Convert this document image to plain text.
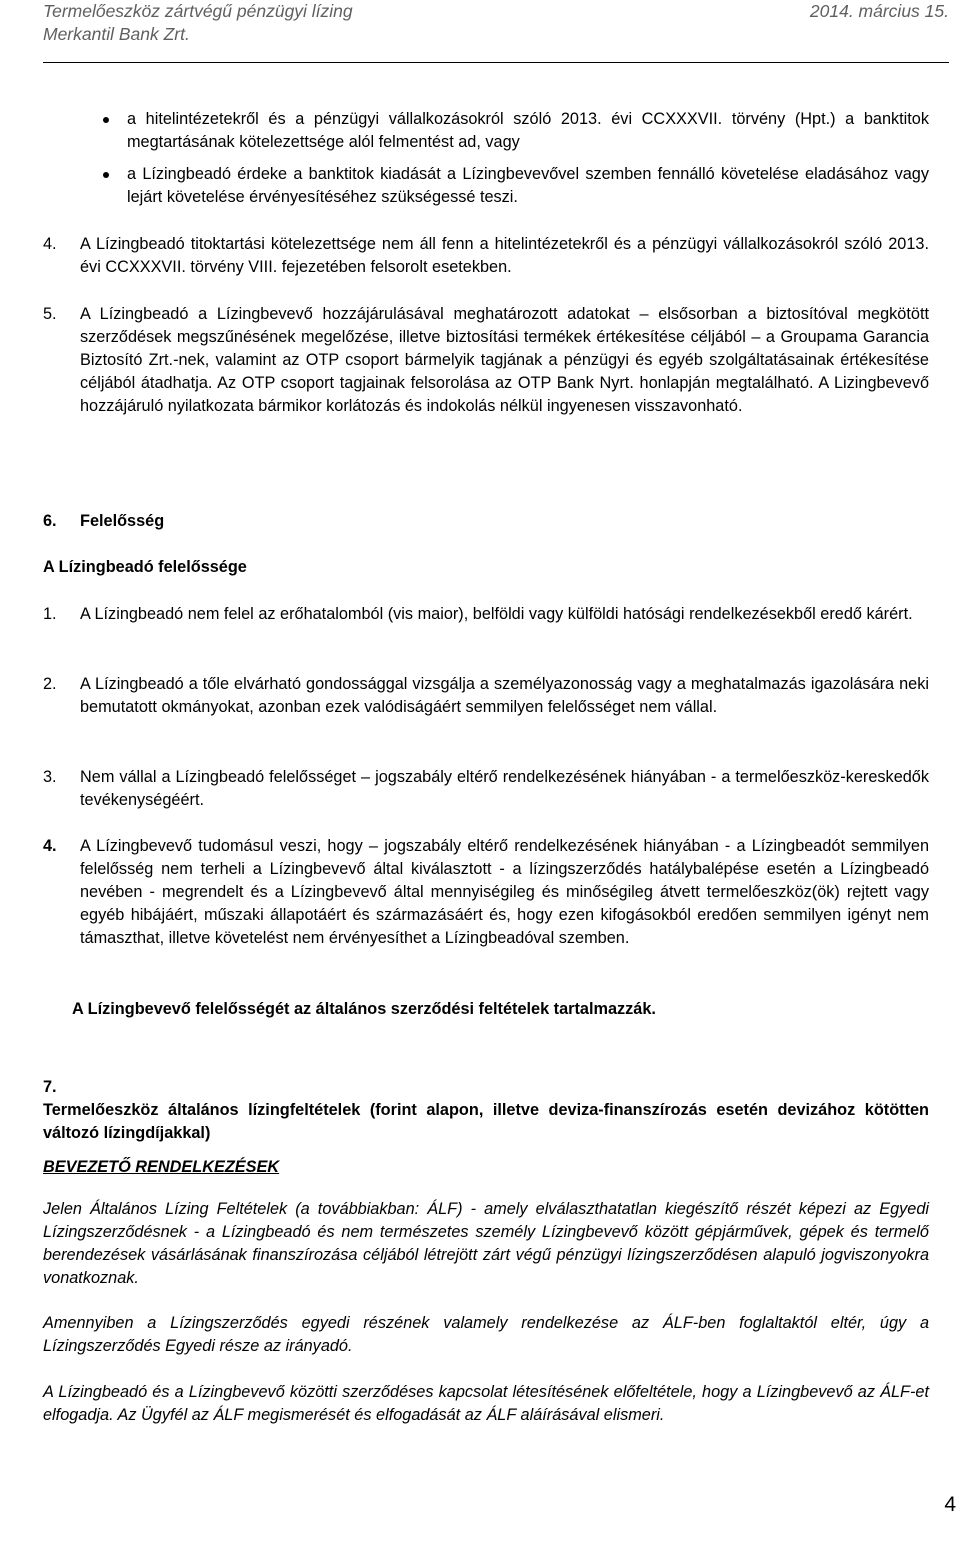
Termelőeszköz zártvégű pénzügyi lízing	2014. március 15.
Merkantil Bank Zrt.
a hitelintézetekről és a pénzügyi vállalkozásokról szóló 2013. évi CCXXXVII. törvény (Hpt.) a banktitok megtartásának kötelezettsége alól felmentést ad, vagy
a Lízingbeadó érdeke a banktitok kiadását a Lízingbevevővel szemben fennálló követelése eladásához vagy lejárt követelése érvényesítéséhez szükségessé teszi.
4. A Lízingbeadó titoktartási kötelezettsége nem áll fenn a hitelintézetekről és a pénzügyi vállalkozásokról szóló 2013. évi CCXXXVII. törvény VIII. fejezetében felsorolt esetekben.
5. A Lízingbeadó a Lízingbevevő hozzájárulásával meghatározott adatokat – elsősorban a biztosítóval megkötött szerződések megszűnésének megelőzése, illetve biztosítási termékek értékesítése céljából – a Groupama Garancia Biztosító Zrt.-nek, valamint az OTP csoport bármelyik tagjának a pénzügyi és egyéb szolgáltatásainak értékesítése céljából átadhatja. Az OTP csoport tagjainak felsorolása az OTP Bank Nyrt. honlapján megtalálható. A Lizingbevevő hozzájáruló nyilatkozata bármikor korlátozás és indokolás nélkül ingyenesen visszavonható.
6. Felelősség
A Lízingbeadó felelőssége
1. A Lízingbeadó nem felel az erőhatalomból (vis maior), belföldi vagy külföldi hatósági rendelkezésekből eredő kárért.
2. A Lízingbeadó a tőle elvárható gondossággal vizsgálja a személyazonosság vagy a meghatalmazás igazolására neki bemutatott okmányokat, azonban ezek valódiságáért semmilyen felelősséget nem vállal.
3. Nem vállal a Lízingbeadó felelősséget – jogszabály eltérő rendelkezésének hiányában - a termelőeszköz-kereskedők tevékenységéért.
4. A Lízingbevevő tudomásul veszi, hogy – jogszabály eltérő rendelkezésének hiányában - a Lízingbeadót semmilyen felelősség nem terheli a Lízingbevevő által kiválasztott - a lízingszerződés hatálybalépése esetén a Lízingbeadó nevében - megrendelt és a Lízingbevevő által mennyiségileg és minőségileg átvett termelőeszköz(ök) rejtett vagy egyéb hibájáért, műszaki állapotáért és származásáért és, hogy ezen kifogásokból eredően semmilyen igényt nem támaszthat, illetve követelést nem érvényesíthet a Lízingbeadóval szemben.
A Lízingbevevő felelősségét az általános szerződési feltételek tartalmazzák.
7.
Termelőeszköz általános lízingfeltételek (forint alapon, illetve deviza-finanszírozás esetén devizához kötötten változó lízingdíjakkal)
BEVEZETŐ RENDELKEZÉSEK
Jelen Általános Lízing Feltételek (a továbbiakban: ÁLF) - amely elválaszthatatlan kiegészítő részét képezi az Egyedi Lízingszerződésnek - a Lízingbeadó és nem természetes személy Lízingbevevő között gépjárművek, gépek és termelő berendezések vásárlásának finanszírozása céljából létrejött zárt végű pénzügyi lízingszerződésen alapuló jogviszonyokra vonatkoznak.
Amennyiben a Lízingszerződés egyedi részének valamely rendelkezése az ÁLF-ben foglaltaktól eltér, úgy a Lízingszerződés Egyedi része az irányadó.
A Lízingbeadó és a Lízingbevevő közötti szerződéses kapcsolat létesítésének előfeltétele, hogy a Lízingbevevő az ÁLF-et elfogadja. Az Ügyfél az ÁLF megismerését és elfogadását az ÁLF aláírásával elismeri.
4
